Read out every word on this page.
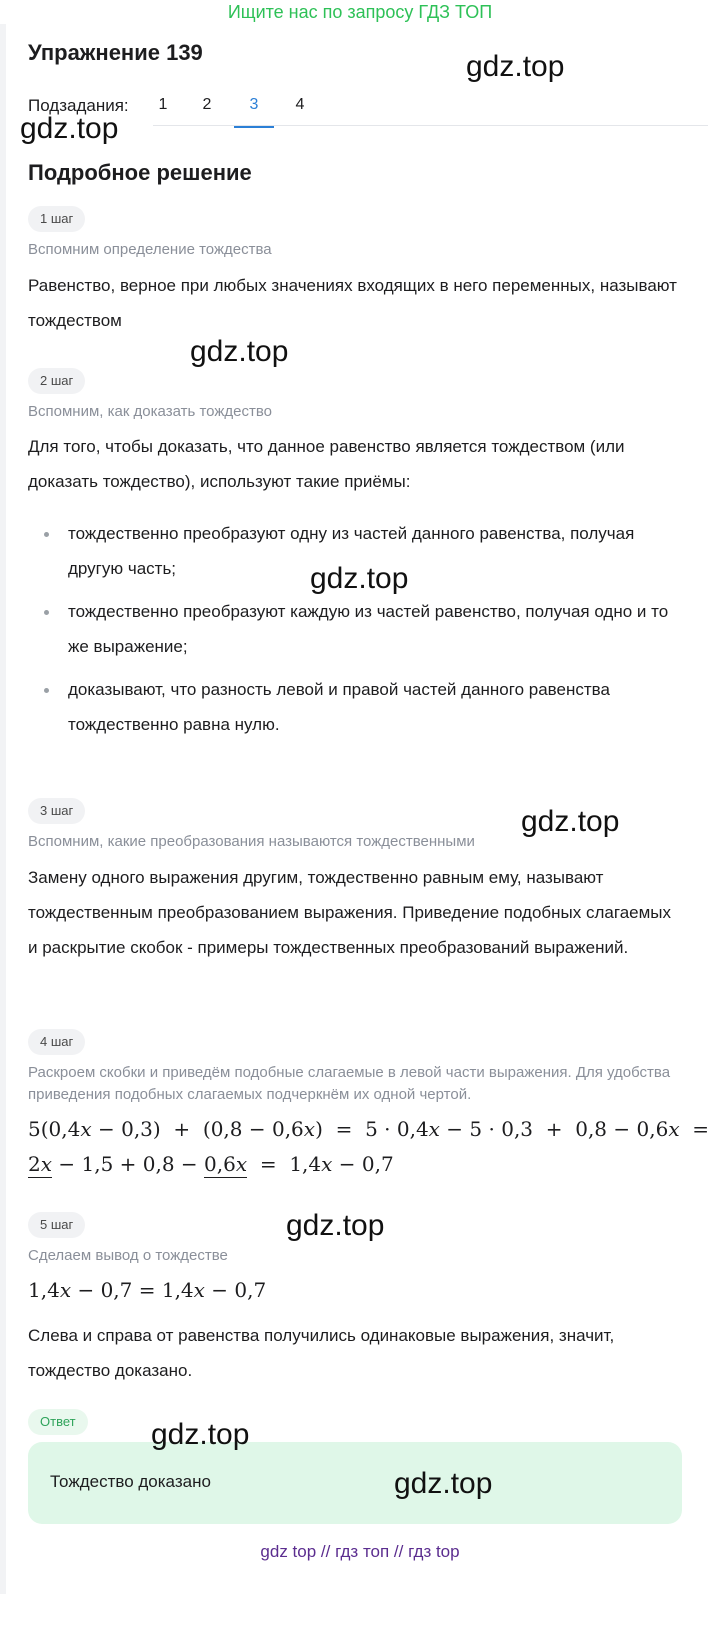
Ищите нас по запросу ГДЗ ТОП
Упражнение 139
Подзадания:	1	2	3	4
Подробное решение
1 шаг
Вспомним определение тождества
Равенство, верное при любых значениях входящих в него переменных, называют тождеством
2 шаг
Вспомним, как доказать тождество
Для того, чтобы доказать, что данное равенство является тождеством (или доказать тождество), используют такие приёмы:
тождественно преобразуют одну из частей данного равенства, получая другую часть;
тождественно преобразуют каждую из частей равенство, получая одно и то же выражение;
доказывают, что разность левой и правой частей данного равенства тождественно равна нулю.
3 шаг
Вспомним, какие преобразования называются тождественными
Замену одного выражения другим, тождественно равным ему, называют тождественным преобразованием выражения. Приведение подобных слагаемых и раскрытие скобок - примеры тождественных преобразований выражений.
4 шаг
Раскроем скобки и приведём подобные слагаемые в левой части выражения. Для удобства приведения подобных слагаемых подчеркнём их одной чертой.
5(0,4x − 0,3)  +  (0,8 − 0,6x)  =  5 · 0,4x − 5 · 0,3  +  0,8 − 0,6x  =
2x − 1,5 + 0,8 − 0,6x  =  1,4x − 0,7
5 шаг
Сделаем вывод о тождестве
1,4x − 0,7 = 1,4x − 0,7
Слева и справа от равенства получились одинаковые выражения, значит, тождество доказано.
Ответ
Тождество доказано
gdz.top
gdz.top
gdz.top
gdz.top
gdz.top
gdz.top
gdz.top
gdz.top
gdz top // гдз топ // гдз top
